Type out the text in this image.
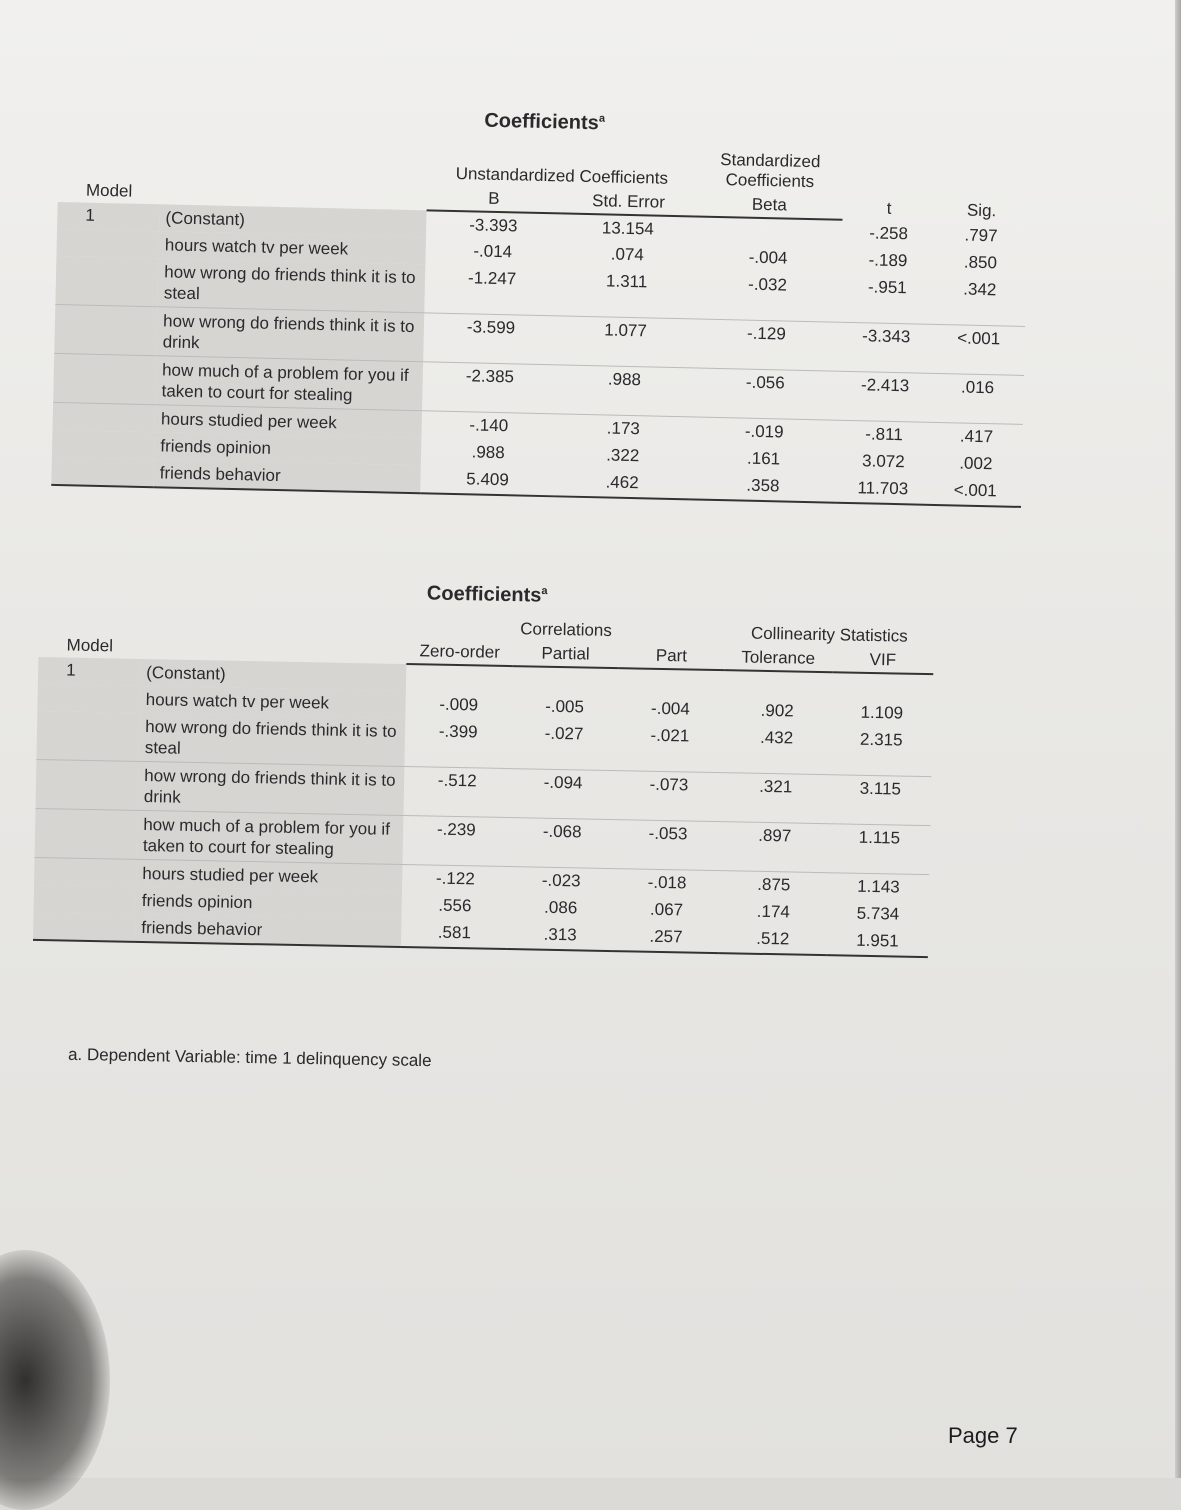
Coefficients$^a$
Model		Unstandardized Coefficients		Standardized
Coefficients	t	Sig.
		B	Std. Error	Beta		
1	(Constant)	-3.393	13.154		-.258	.797
	hours watch tv per week	-.014	.074	-.004	-.189	.850
	how wrong do friends think it is to steal	-1.247	1.311	-.032	-.951	.342
	how wrong do friends think it is to drink	-3.599	1.077	-.129	-3.343	<.001
	how much of a problem for you if taken to court for stealing	-2.385	.988	-.056	-2.413	.016
	hours studied per week	-.140	.173	-.019	-.811	.417
	friends opinion	.988	.322	.161	3.072	.002
	friends behavior	5.409	.462	.358	11.703	<.001
Coefficients$^a$
Model		Correlations			Collinearity Statistics	
		Zero-order	Partial	Part	Tolerance	VIF
1	(Constant)					
	hours watch tv per week	-.009	-.005	-.004	.902	1.109
	how wrong do friends think it is to steal	-.399	-.027	-.021	.432	2.315
	how wrong do friends think it is to drink	-.512	-.094	-.073	.321	3.115
	how much of a problem for you if taken to court for stealing	-.239	-.068	-.053	.897	1.115
	hours studied per week	-.122	-.023	-.018	.875	1.143
	friends opinion	.556	.086	.067	.174	5.734
	friends behavior	.581	.313	.257	.512	1.951
a. Dependent Variable: time 1 delinquency scale
Page 7
